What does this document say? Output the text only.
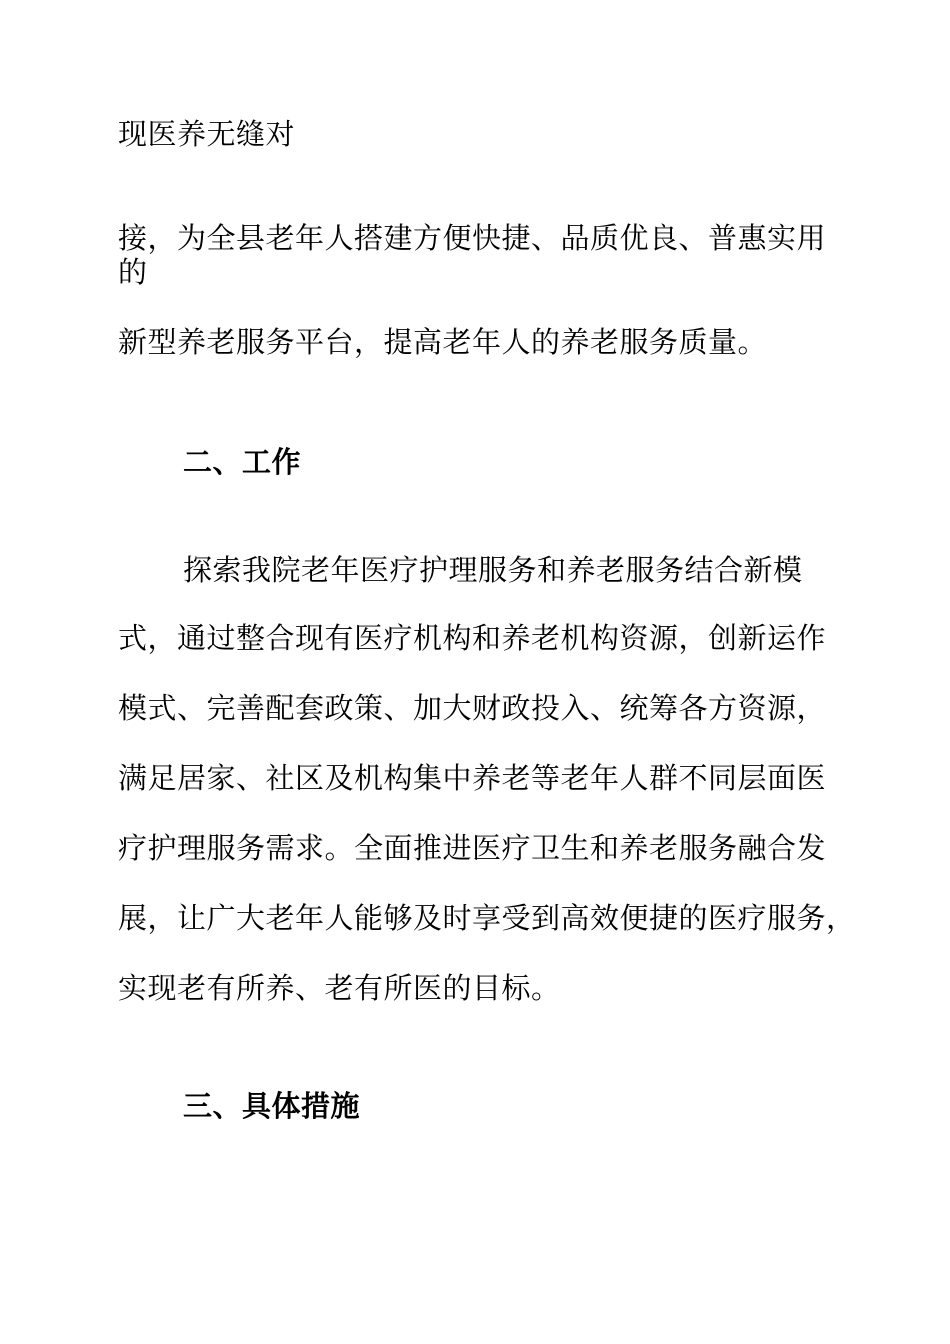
现医养无缝对
接，为全县老年人搭建方便快捷、品质优良、普惠实用
的
新型养老服务平台，提高老年人的养老服务质量。
二、工作
探索我院老年医疗护理服务和养老服务结合新模
式，通过整合现有医疗机构和养老机构资源，创新运作
模式、完善配套政策、加大财政投入、统筹各方资源，
满足居家、社区及机构集中养老等老年人群不同层面医
疗护理服务需求。全面推进医疗卫生和养老服务融合发
展，让广大老年人能够及时享受到高效便捷的医疗服务，
实现老有所养、老有所医的目标。
三、具体措施
